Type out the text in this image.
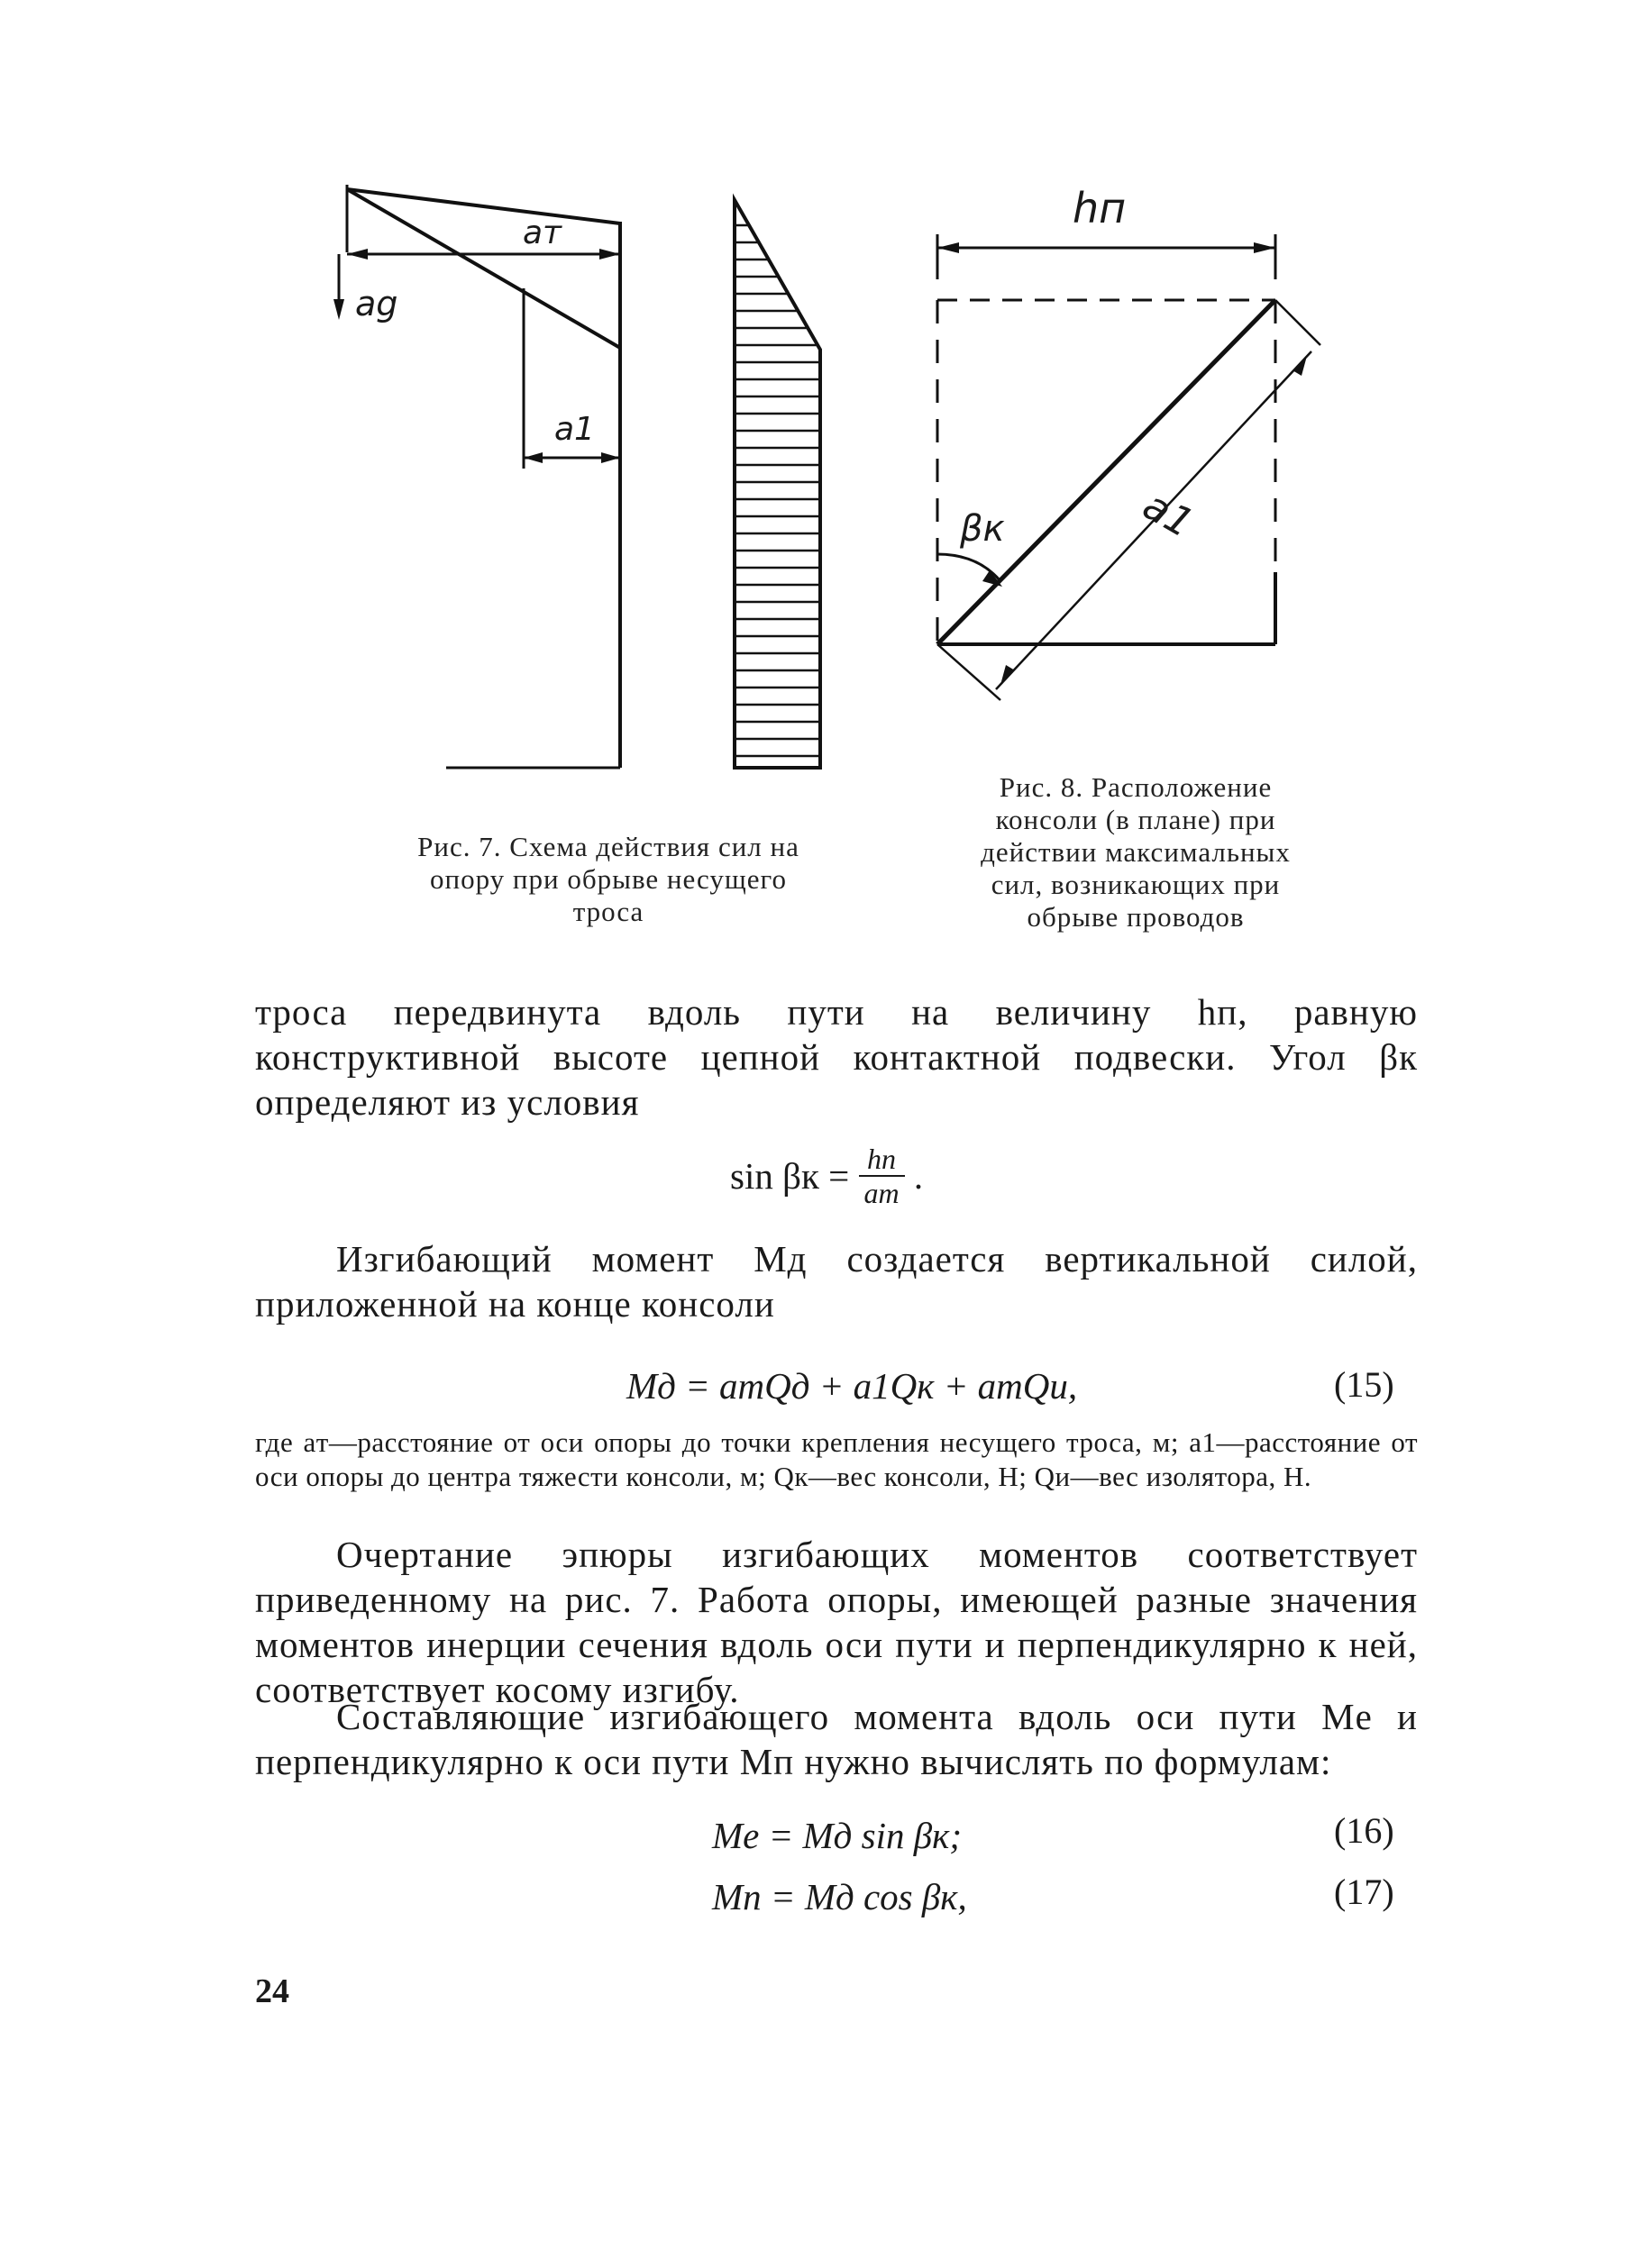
aт
ag
a1
Рис. 7. Схема действия сил на
опору при обрыве несущего
троса
hп
a1
βк
Рис. 8. Расположение
консоли (в плане) при
действии максимальных
сил, возникающих при
обрыве проводов
троса передвинута вдоль пути на величину hп, равную конструктивной высоте цепной контактной подвески. Угол βк определяют из условия
sin βк = hп
aт .
Изгибающий момент Mд создается вертикальной силой, приложенной на конце консоли
Mд = aтQд + a1Qк + aтQи,	(15)
где aт—расстояние от оси опоры до точки крепления несущего троса, м; a1—расстояние от оси опоры до центра тяжести консоли, м; Qк—вес консоли, Н; Qи—вес изолятора, Н.
Очертание эпюры изгибающих моментов соответствует приведенному на рис. 7. Работа опоры, имеющей разные значения моментов инерции сечения вдоль оси пути и перпендикулярно к ней, соответствует косому изгибу.
Составляющие изгибающего момента вдоль оси пути Me и перпендикулярно к оси пути Mп нужно вычислять по формулам:
Me = Mд sin βк;	(16)
Mп = Mд cos βк,	(17)
24
